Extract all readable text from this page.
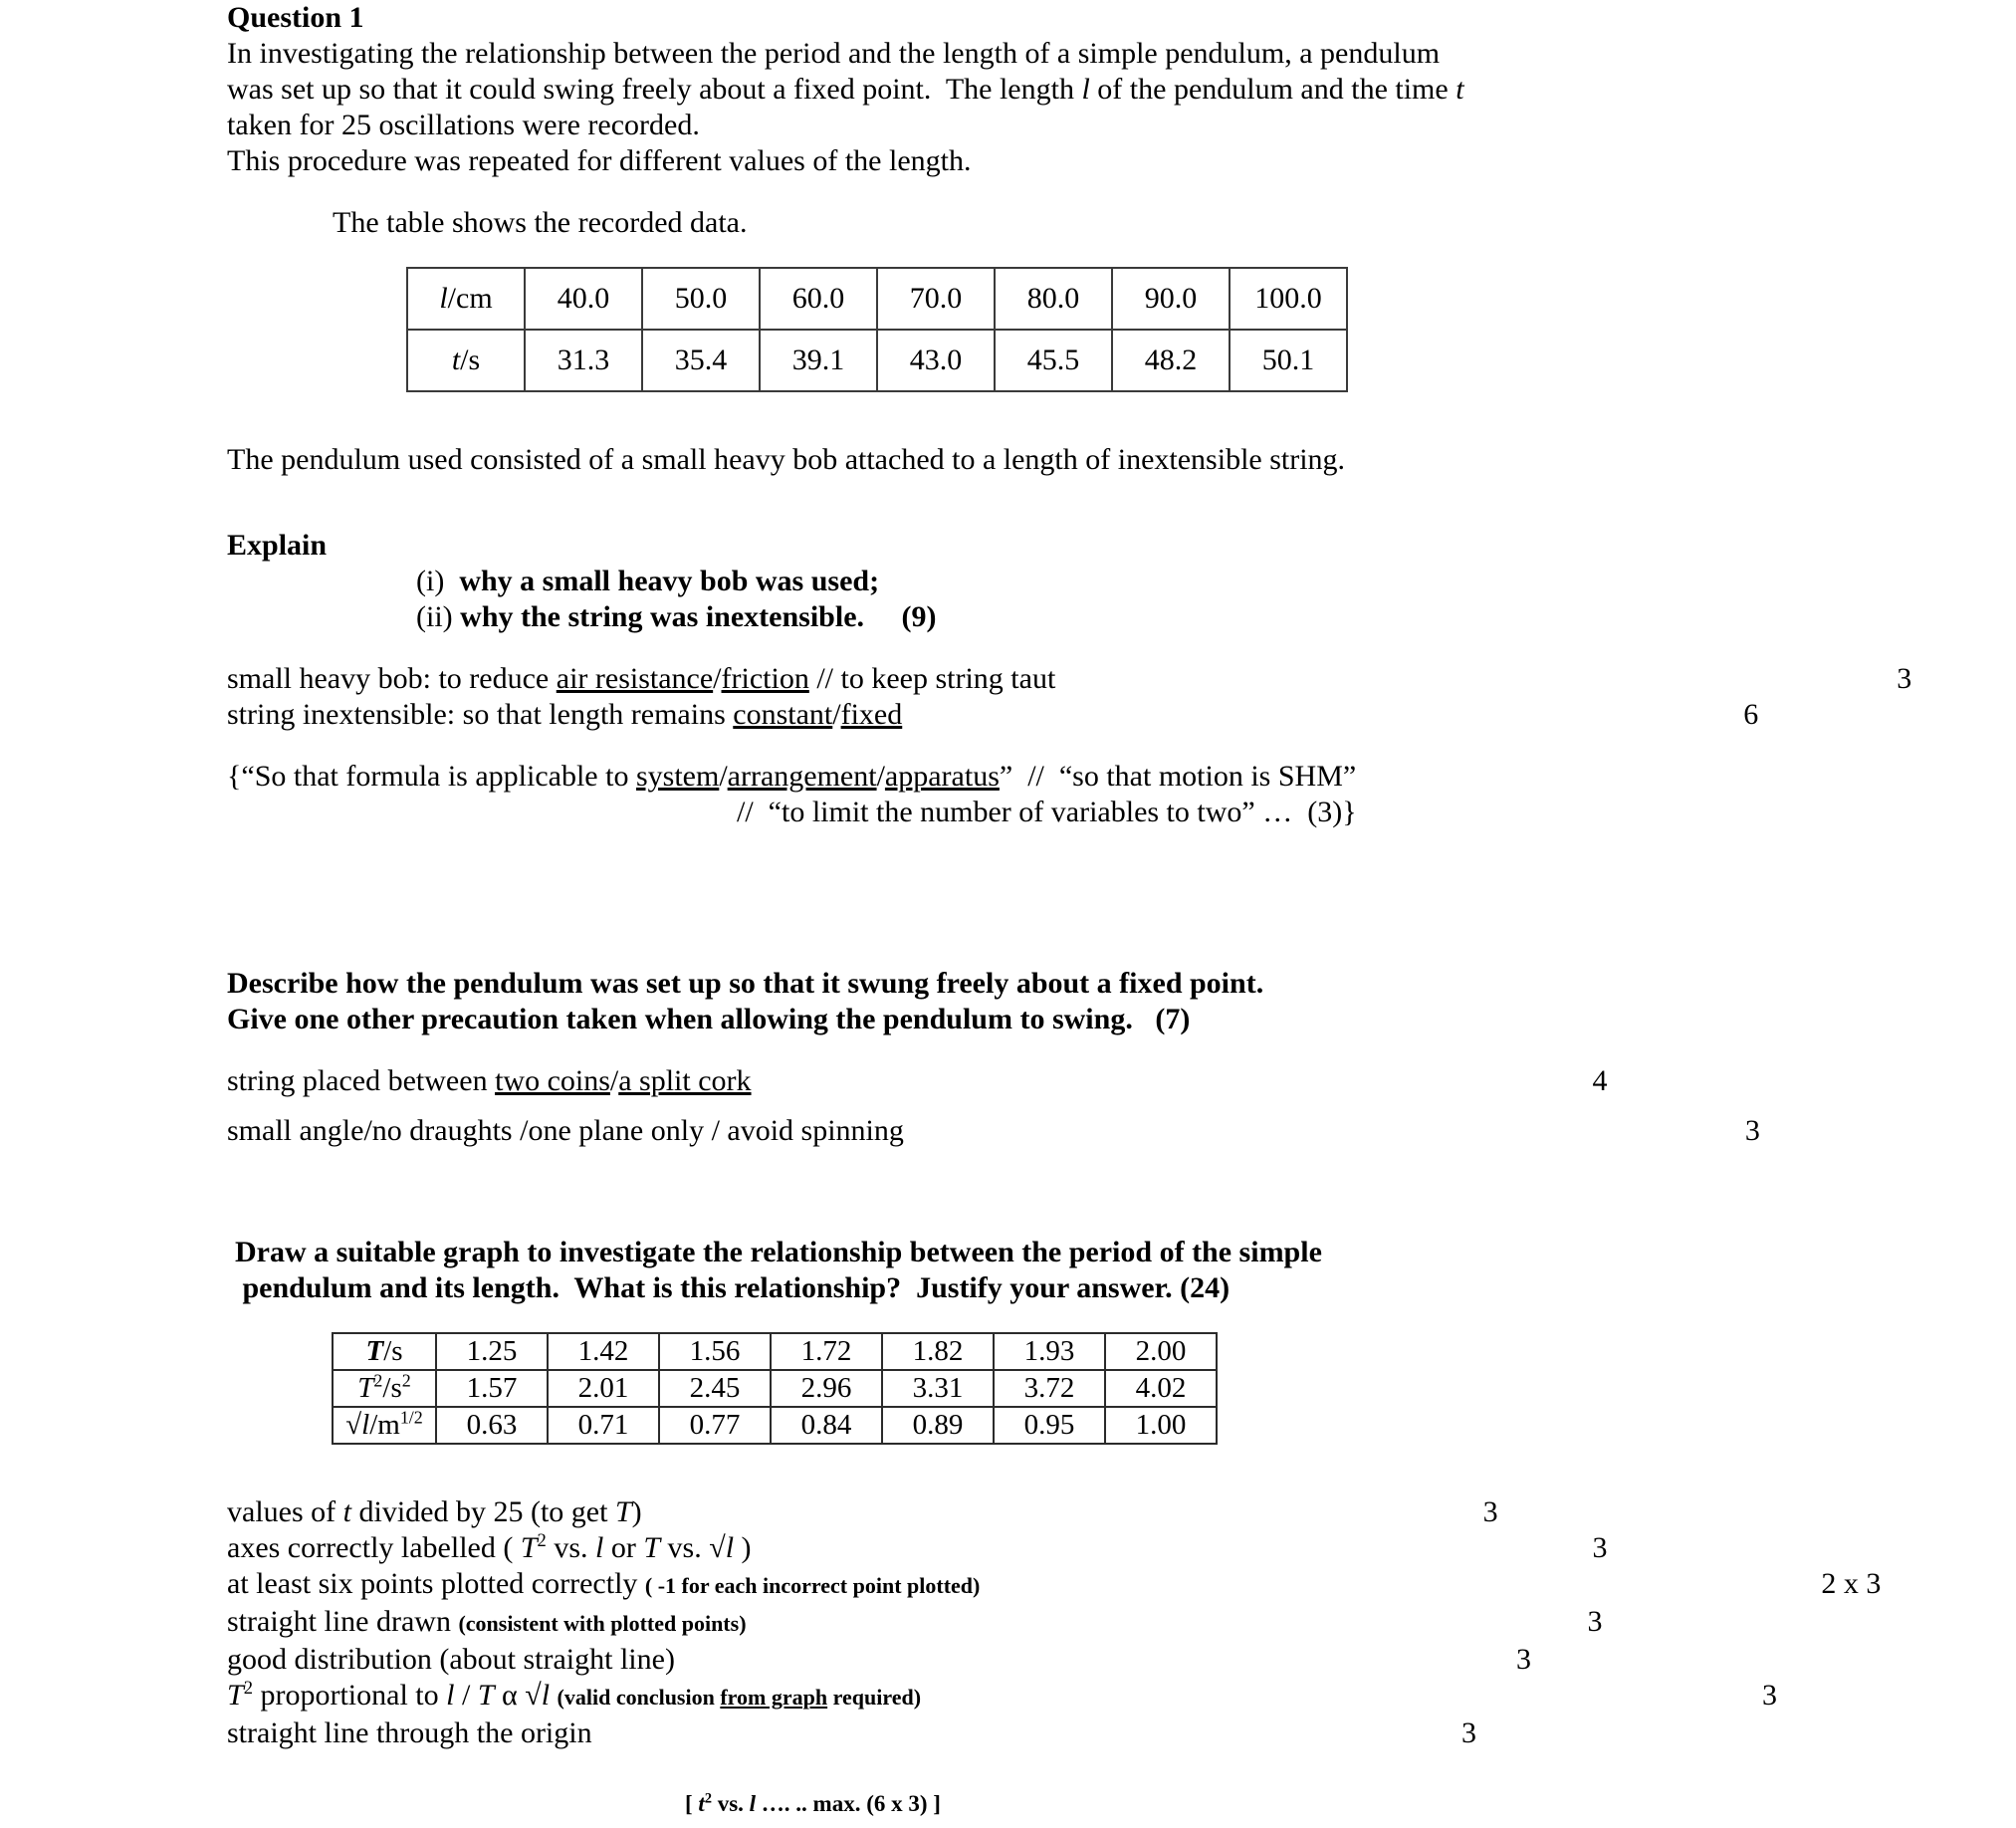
Question 1
In investigating the relationship between the period and the length of a simple pendulum, a pendulum
was set up so that it could swing freely about a fixed point.  The length l of the pendulum and the time t
taken for 25 oscillations were recorded.
This procedure was repeated for different values of the length.
The table shows the recorded data.
l/cm	40.0	50.0	60.0	70.0	80.0	90.0	100.0
t/s	31.3	35.4	39.1	43.0	45.5	48.2	50.1
The pendulum used consisted of a small heavy bob attached to a length of inextensible string.
Explain
(i) why a small heavy bob was used;
(ii) why the string was inextensible. (9)
small heavy bob: to reduce air resistance/friction // to keep string taut	3
string inextensible: so that length remains constant/fixed	6
{“So that formula is applicable to system/arrangement/apparatus”  //  “so that motion is SHM”
//  “to limit the number of variables to two” …  (3)}
Describe how the pendulum was set up so that it swung freely about a fixed point.
Give one other precaution taken when allowing the pendulum to swing. (7)
string placed between two coins/a split cork	4
small angle/no draughts /one plane only / avoid spinning	3
Draw a suitable graph to investigate the relationship between the period of the simple
pendulum and its length.  What is this relationship?  Justify your answer. (24)
T/s	1.25	1.42	1.56	1.72	1.82	1.93	2.00
$T^2/s^2$	1.57	2.01	2.45	2.96	3.31	3.72	4.02
$√l/m^{1/2}$	0.63	0.71	0.77	0.84	0.89	0.95	1.00
values of t divided by 25 (to get T)	3
axes correctly labelled ( $T^2$ vs. l or T vs. √l )	3
at least six points plotted correctly ( -1 for each incorrect point plotted)	2 x 3
straight line drawn (consistent with plotted points)	3
good distribution (about straight line)	3
$T^2$ proportional to l / T α √l (valid conclusion from graph required)	3
straight line through the origin	3
[ $t^2$ vs. l …. .. max. (6 x 3) ]
